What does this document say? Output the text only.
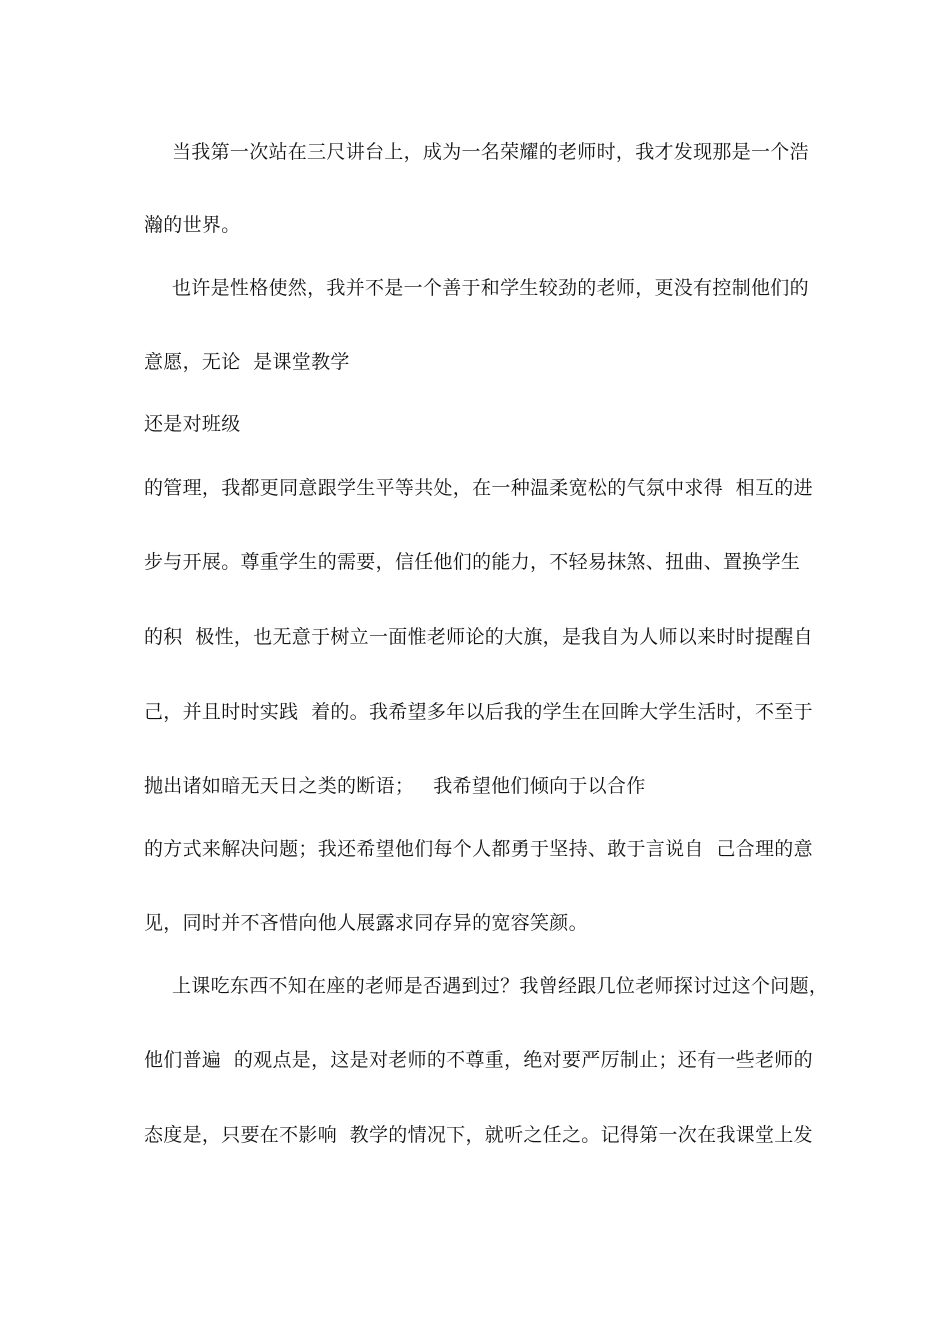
当我第一次站在三尺讲台上，成为一名荣耀的老师时，我才发现那是一个浩
瀚的世界。
也许是性格使然，我并不是一个善于和学生较劲的老师，更没有控制他们的
意愿，无论  是课堂教学
还是对班级
的管理，我都更同意跟学生平等共处，在一种温柔宽松的气氛中求得  相互的进
步与开展。尊重学生的需要，信任他们的能力，不轻易抹煞、扭曲、置换学生
的积  极性，也无意于树立一面惟老师论的大旗，是我自为人师以来时时提醒自
己，并且时时实践  着的。我希望多年以后我的学生在回眸大学生活时，不至于
抛出诸如暗无天日之类的断语；   我希望他们倾向于以合作
的方式来解决问题；我还希望他们每个人都勇于坚持、敢于言说自  己合理的意
见，同时并不吝惜向他人展露求同存异的宽容笑颜。
上课吃东西不知在座的老师是否遇到过？我曾经跟几位老师探讨过这个问题，
他们普遍  的观点是，这是对老师的不尊重，绝对要严厉制止；还有一些老师的
态度是，只要在不影响  教学的情况下，就听之任之。记得第一次在我课堂上发
